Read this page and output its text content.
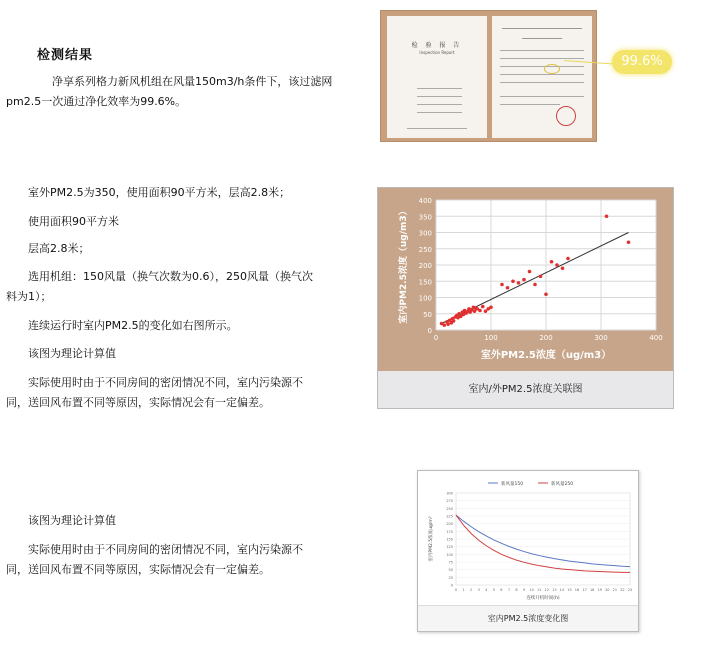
检测结果
净享系列格力新风机组在风量150m3/h条件下，该过滤网
pm2.5一次通过净化效率为99.6%。
检 验 报 告
Inspection Report
99.6%
室外PM2.5为350，使用面积90平方米，层高2.8米；
使用面积90平方米
层高2.8米；
选用机组：150风量（换气次数为0.6），250风量（换气次
料为1）；
连续运行时室内PM2.5的变化如右图所示。
该图为理论计算值
实际使用时由于不同房间的密闭情况不同，室内污染源不
同，送回风布置不同等原因，实际情况会有一定偏差。
0
50
100
150
200
250
300
350
400
0	100	200	300	400
室外PM2.5浓度（ug/m3）
室内PM2.5浓度（ug/m3）
室内/外PM2.5浓度关联图
该图为理论计算值
实际使用时由于不同房间的密闭情况不同，室内污染源不
同，送回风布置不同等原因，实际情况会有一定偏差。
0
25
50
75
100
125
150
175
200
225
250
275
300
0 1 2 3 4 5 6 7 8 9 10 11 12 13 14 15 16 17 18 19 20 21 22 23
新风量150	新风量250
连续开机时间(h)
室内PM2.5浓度ug/m³
室内PM2.5浓度变化图
